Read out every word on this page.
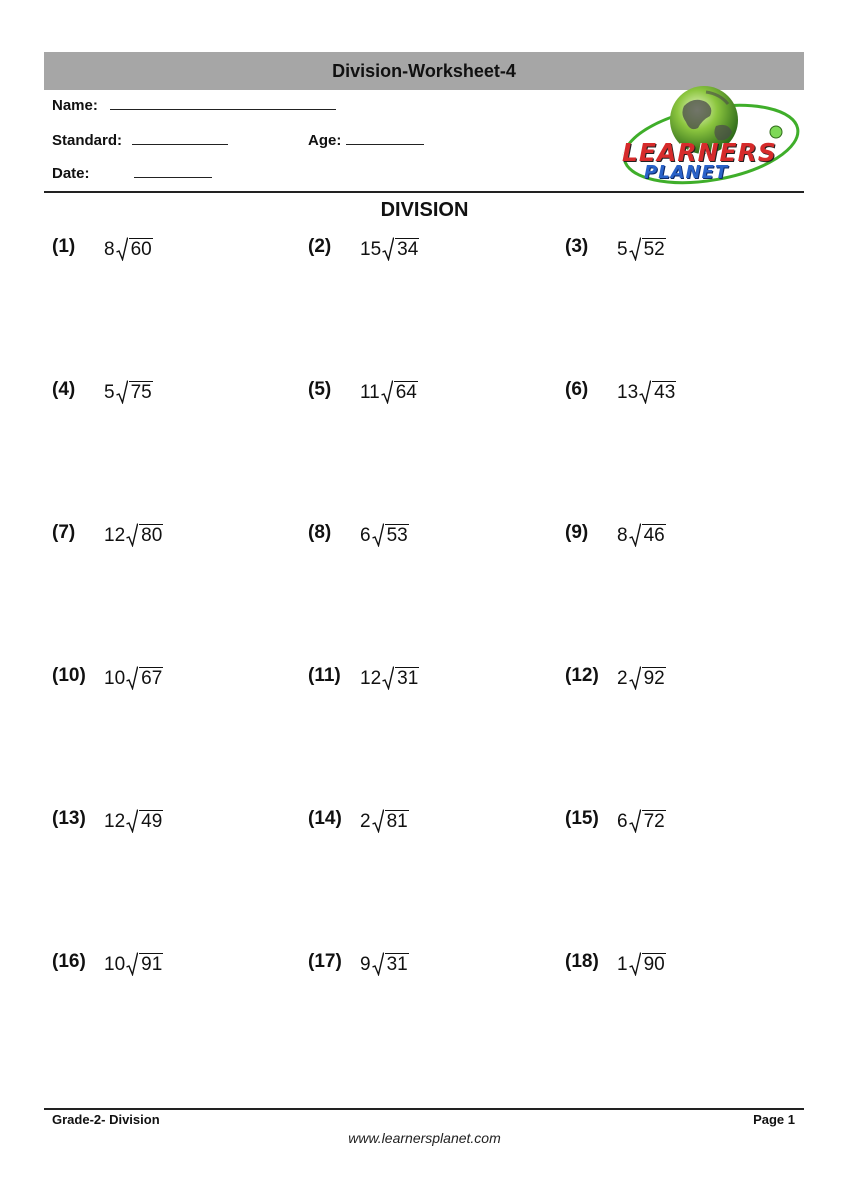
Division-Worksheet-4
Name:
Standard:	Age:
Date:
LEARNERS
PLANET
DIVISION
(1) 8 60	(2) 15 34	(3) 5 52
(4) 5 75	(5) 11 64	(6) 13 43
(7) 12 80	(8) 6 53	(9) 8 46
(10) 10 67	(11) 12 31	(12) 2 92
(13) 12 49	(14) 2 81	(15) 6 72
(16) 10 91	(17) 9 31	(18) 1 90
Grade-2- Division	Page 1
www.learnersplanet.com
